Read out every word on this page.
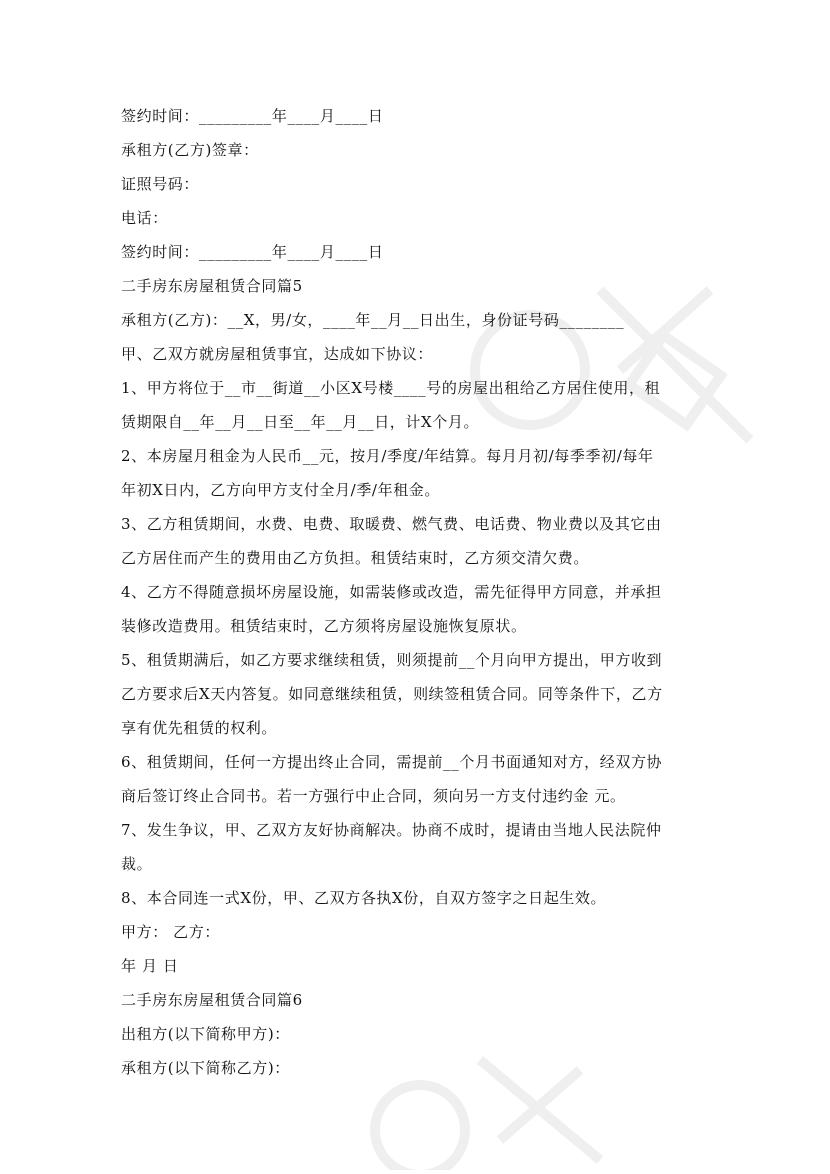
签约时间：_________年____月____日
承租方(乙方)签章：
证照号码：
电话：
签约时间：_________年____月____日
二手房东房屋租赁合同篇5
承租方(乙方)：__X，男/女，____年__月__日出生，身份证号码________
甲、乙双方就房屋租赁事宜，达成如下协议：
1、甲方将位于__市__街道__小区X号楼____号的房屋出租给乙方居住使用，租
赁期限自__年__月__日至__年__月__日，计X个月。
2、本房屋月租金为人民币__元，按月/季度/年结算。每月月初/每季季初/每年
年初X日内，乙方向甲方支付全月/季/年租金。
3、乙方租赁期间，水费、电费、取暖费、燃气费、电话费、物业费以及其它由
乙方居住而产生的费用由乙方负担。租赁结束时，乙方须交清欠费。
4、乙方不得随意损坏房屋设施，如需装修或改造，需先征得甲方同意，并承担
装修改造费用。租赁结束时，乙方须将房屋设施恢复原状。
5、租赁期满后，如乙方要求继续租赁，则须提前__个月向甲方提出，甲方收到
乙方要求后X天内答复。如同意继续租赁，则续签租赁合同。同等条件下，乙方
享有优先租赁的权利。
6、租赁期间，任何一方提出终止合同，需提前__个月书面通知对方，经双方协
商后签订终止合同书。若一方强行中止合同，须向另一方支付违约金 元。
7、发生争议，甲、乙双方友好协商解决。协商不成时，提请由当地人民法院仲
裁。
8、本合同连一式X份，甲、乙双方各执X份，自双方签字之日起生效。
甲方： 乙方：
年 月 日
二手房东房屋租赁合同篇6
出租方(以下简称甲方)：
承租方(以下简称乙方)：
